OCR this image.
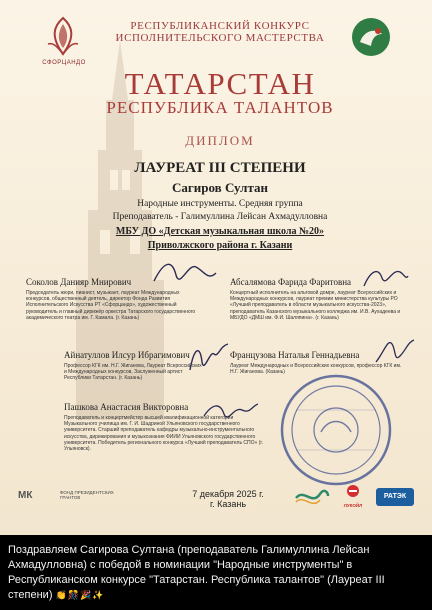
СФОРЦАНДО
РЕСПУБЛИКАНСКИЙ КОНКУРС
ИСПОЛНИТЕЛЬСКОГО МАСТЕРСТВА
ТАТАРСТАН
РЕСПУБЛИКА ТАЛАНТОВ
ДИПЛОМ
ЛАУРЕАТ III СТЕПЕНИ
Сагиров Султан
Народные инструменты. Средняя группа
Преподаватель - Галимуллина Лейсан Ахмадулловна
МБУ ДО «Детская музыкальная школа №20»
Приволжского района г. Казани
Соколов Данияр Мнирович
Председатель жюри, пианист, музыкант, лауреат Международных конкурсов, общественный деятель, директор Фонда Развития Исполнительского Искусства РТ «Сфорцандо», художественный руководитель и главный дирижёр оркестра Татарского государственного академического театра им. Г. Камала. (г. Казань)
Абсалямова Фарида Фаритовна
Концертный исполнитель на альтовой домре, лауреат Всероссийских и Международных конкурсов, лауреат премии министерства культуры РО «Лучший преподаватель в области музыкального искусства-2023», преподаватель Казанского музыкального колледжа им. И.В. Аухадеева и МБУДО «ДМШ им. Ф.И. Шаляпина». (г. Казань)
Айнатуллов Илсур Ибрагимович
Профессор КГК им. Н.Г. Жигановa, Лауреат Всероссийских и Международных конкурсов, Заслуженный артист Республики Татарстан. (г. Казань)
Французова Наталья Геннадьевна
Лауреат Международных и Всероссийских конкурсов, профессор КГК им. Н.Г. Жигановa. (Казань)
Пашкова Анастасия Викторовна
Преподаватель и концертмейстер высшей квалификационной категории Музыкального училища им. Г. И. Шадриной Ульяновского государственного университета. Старший преподаватель кафедры музыкально-инструментального искусства, дирижирования и музыкознания ФИИИ Ульяновского государственного университета. Победитель регионального конкурса «Лучший преподаватель СПО» (г. Ульяновск).
МК	ФОНД ПРЕЗИДЕНТСКИХ ГРАНТОВ
ЛУКОЙЛ
РАТЭК
7 декабря 2025 г.
г. Казань
Поздравляем Сагирова Султана (преподаватель Галимуллина Лейсан Ахмадулловна) с победой в номинации "Народные инструменты" в Республиканском конкурсе "Татарстан. Республика талантов" (Лауреат III степени) 👏🎊🎉✨
